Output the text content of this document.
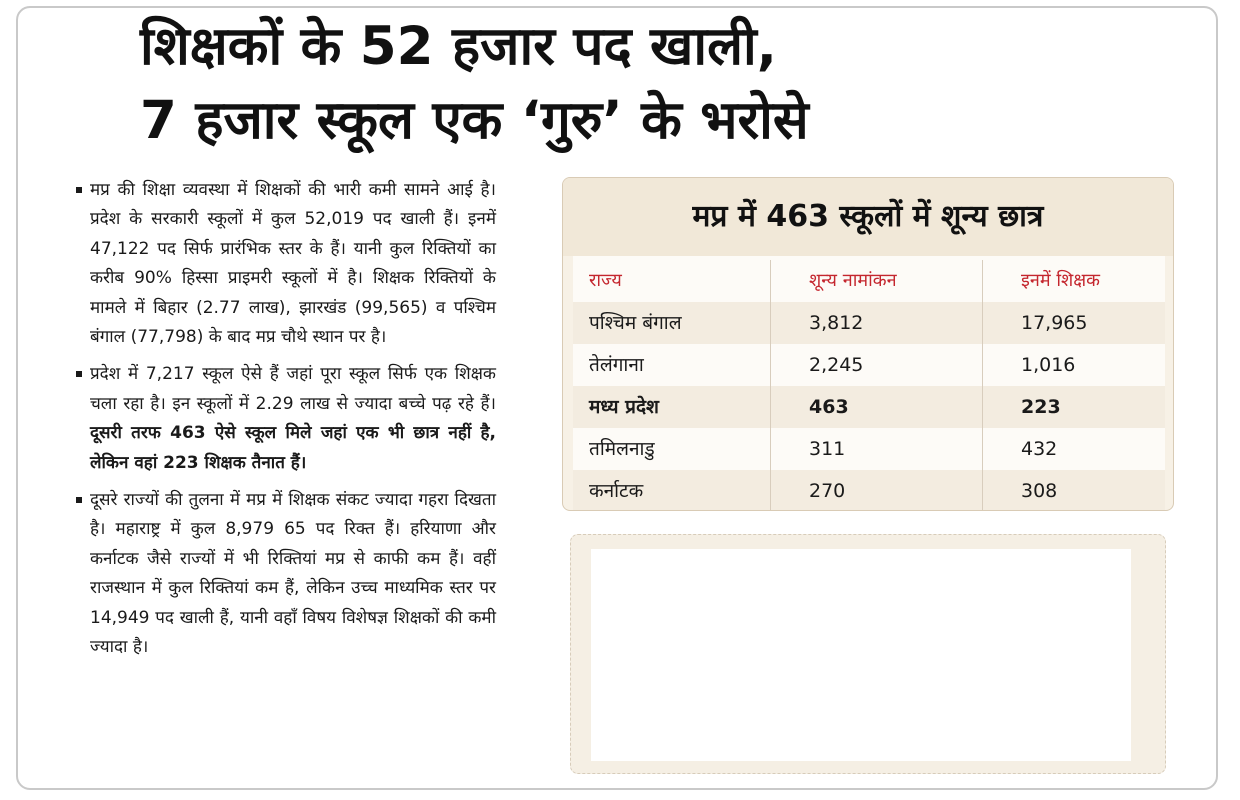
शिक्षकों के 52 हजार पद खाली,
7 हजार स्कूल एक ‘गुरु’ के भरोसे

मप्र की शिक्षा व्यवस्था में शिक्षकों की भारी कमी सामने आई है। प्रदेश के सरकारी स्कूलों में कुल 52,019 पद खाली हैं। इनमें 47,122 पद सिर्फ प्रारंभिक स्तर के हैं। यानी कुल रिक्तियों का करीब 90% हिस्सा प्राइमरी स्कूलों में है। शिक्षक रिक्तियों के मामले में बिहार (2.77 लाख), झारखंड (99,565) व पश्चिम बंगाल (77,798) के बाद मप्र चौथे स्थान पर है।

प्रदेश में 7,217 स्कूल ऐसे हैं जहां पूरा स्कूल सिर्फ एक शिक्षक चला रहा है। इन स्कूलों में 2.29 लाख से ज्यादा बच्चे पढ़ रहे हैं। दूसरी तरफ 463 ऐसे स्कूल मिले जहां एक भी छात्र नहीं है, लेकिन वहां 223 शिक्षक तैनात हैं।

दूसरे राज्यों की तुलना में मप्र में शिक्षक संकट ज्यादा गहरा दिखता है। महाराष्ट्र में कुल 8,979 65 पद रिक्त हैं। हरियाणा और कर्नाटक जैसे राज्यों में भी रिक्तियां मप्र से काफी कम हैं। वहीं राजस्थान में कुल रिक्तियां कम हैं, लेकिन उच्च माध्यमिक स्तर पर 14,949 पद खाली हैं, यानी वहाँ विषय विशेषज्ञ शिक्षकों की कमी ज्यादा है।

मप्र में 463 स्कूलों में शून्य छात्र
राज्य	शून्य नामांकन	इनमें शिक्षक
पश्चिम बंगाल	3,812	17,965
तेलंगाना	2,245	1,016
मध्य प्रदेश	463	223
तमिलनाडु	311	432
कर्नाटक	270	308
